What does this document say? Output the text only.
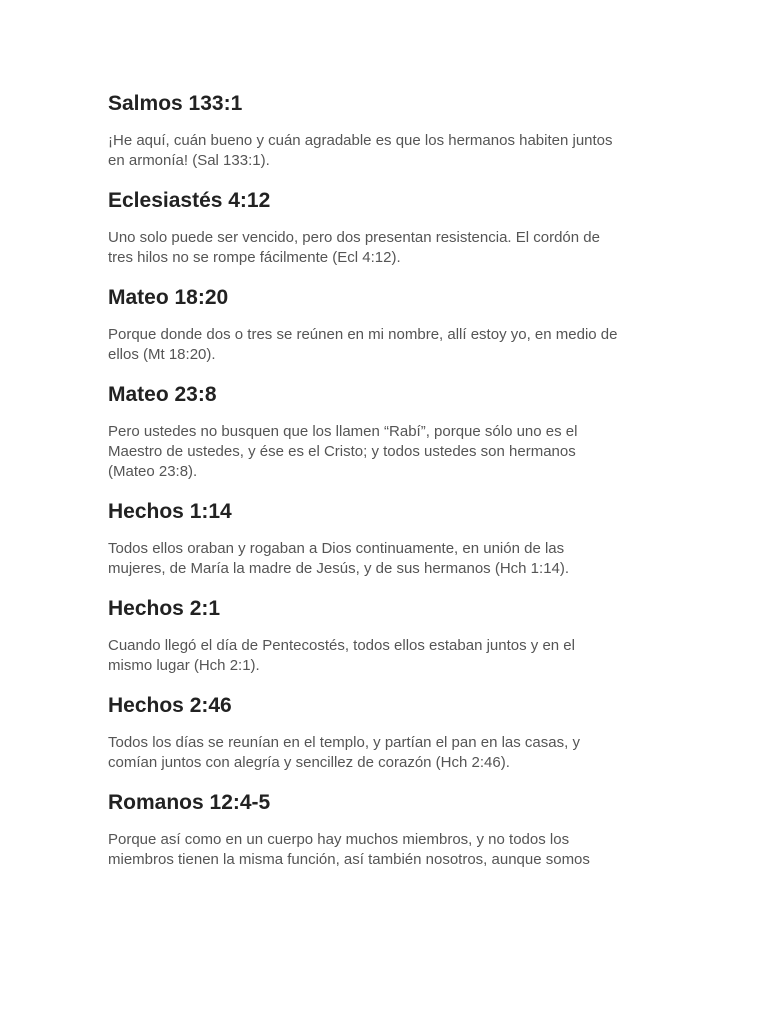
Salmos 133:1

¡He aquí, cuán bueno y cuán agradable es que los hermanos habiten juntos
en armonía! (Sal 133:1).

Eclesiastés 4:12

Uno solo puede ser vencido, pero dos presentan resistencia. El cordón de
tres hilos no se rompe fácilmente (Ecl 4:12).

Mateo 18:20

Porque donde dos o tres se reúnen en mi nombre, allí estoy yo, en medio de
ellos (Mt 18:20).

Mateo 23:8

Pero ustedes no busquen que los llamen “Rabí”, porque sólo uno es el
Maestro de ustedes, y ése es el Cristo; y todos ustedes son hermanos
(Mateo 23:8).

Hechos 1:14

Todos ellos oraban y rogaban a Dios continuamente, en unión de las
mujeres, de María la madre de Jesús, y de sus hermanos (Hch 1:14).

Hechos 2:1

Cuando llegó el día de Pentecostés, todos ellos estaban juntos y en el
mismo lugar (Hch 2:1).

Hechos 2:46

Todos los días se reunían en el templo, y partían el pan en las casas, y
comían juntos con alegría y sencillez de corazón (Hch 2:46).

Romanos 12:4-5

Porque así como en un cuerpo hay muchos miembros, y no todos los
miembros tienen la misma función, así también nosotros, aunque somos
